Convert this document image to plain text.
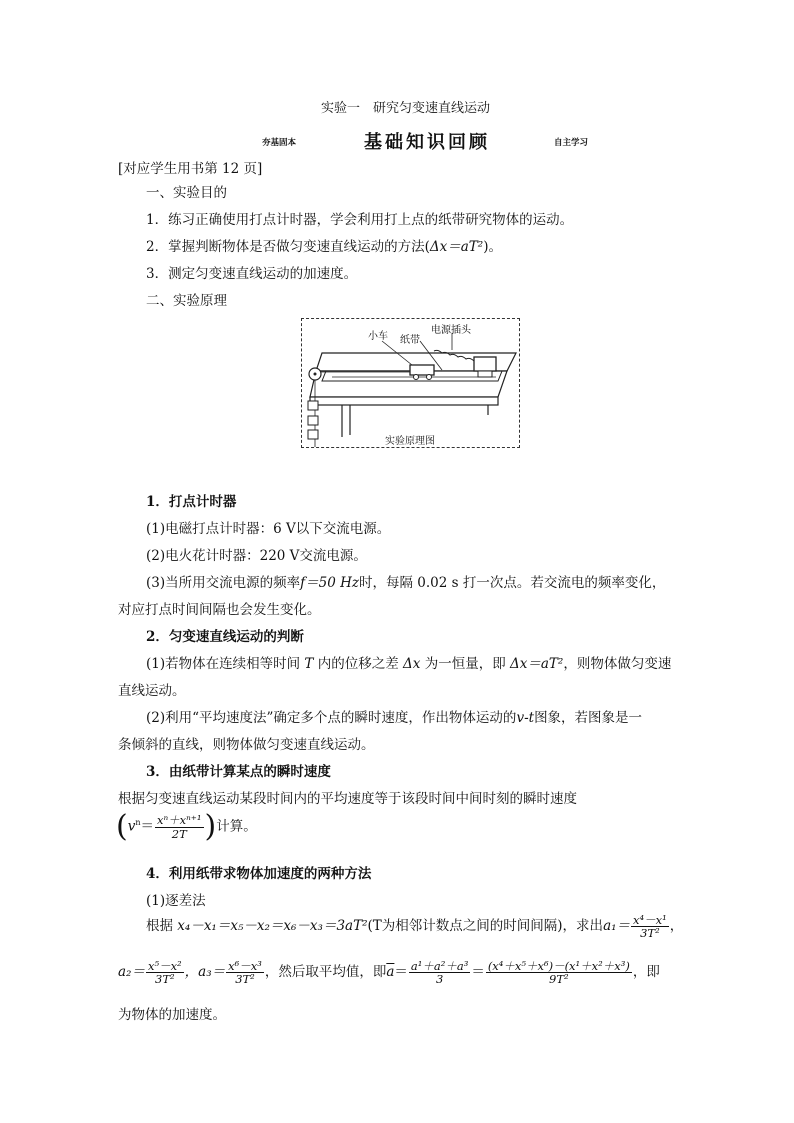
实验一　研究匀变速直线运动
夯基固本	基础知识回顾	自主学习
[对应学生用书第 12 页]
一、实验目的
1．练习正确使用打点计时器，学会利用打上点的纸带研究物体的运动。
2．掌握判断物体是否做匀变速直线运动的方法(Δx＝aT²)。
3．测定匀变速直线运动的加速度。
二、实验原理
小车 纸带
电源插头
实验原理图
1．打点计时器
(1)电磁打点计时器：6 V以下交流电源。
(2)电火花计时器：220 V交流电源。
(3)当所用交流电源的频率f＝50 Hz时，每隔 0.02 s 打一次点。若交流电的频率变化，
对应打点时间间隔也会发生变化。
2．匀变速直线运动的判断
(1)若物体在连续相等时间 T 内的位移之差 Δx 为一恒量，即 Δx＝aT²，则物体做匀变速
直线运动。
(2)利用“平均速度法”确定多个点的瞬时速度，作出物体运动的v-t图象，若图象是一
条倾斜的直线，则物体做匀变速直线运动。
3．由纸带计算某点的瞬时速度
根据匀变速直线运动某段时间内的平均速度等于该段时间中间时刻的瞬时速度
($v^n= \frac{\text{xⁿ＋xⁿ⁺¹}}{2T}$ )计算。
4．利用纸带求物体加速度的两种方法
(1)逐差法
根据 x₄－x₁＝x₅－x₂＝x₆－x₃＝3aT²(T为相邻计数点之间的时间间隔)，求出$a_1= \frac{\text{x⁴－x¹}}{\text{3T²}}$ ，
$a_2= \frac{\text{x⁵－x²}}{\text{3T²}}$ ，$a_3= \frac{\text{x⁶－x³}}{\text{3T²}}$ ，然后取平均值，即$\overline{a}= \frac{\text{a¹＋a²＋a³}}{3} = \frac{\text{(x⁴＋x⁵＋x⁶)－(x¹＋x²＋x³)}}{\text{9T²}}$ ，即
为物体的加速度。
